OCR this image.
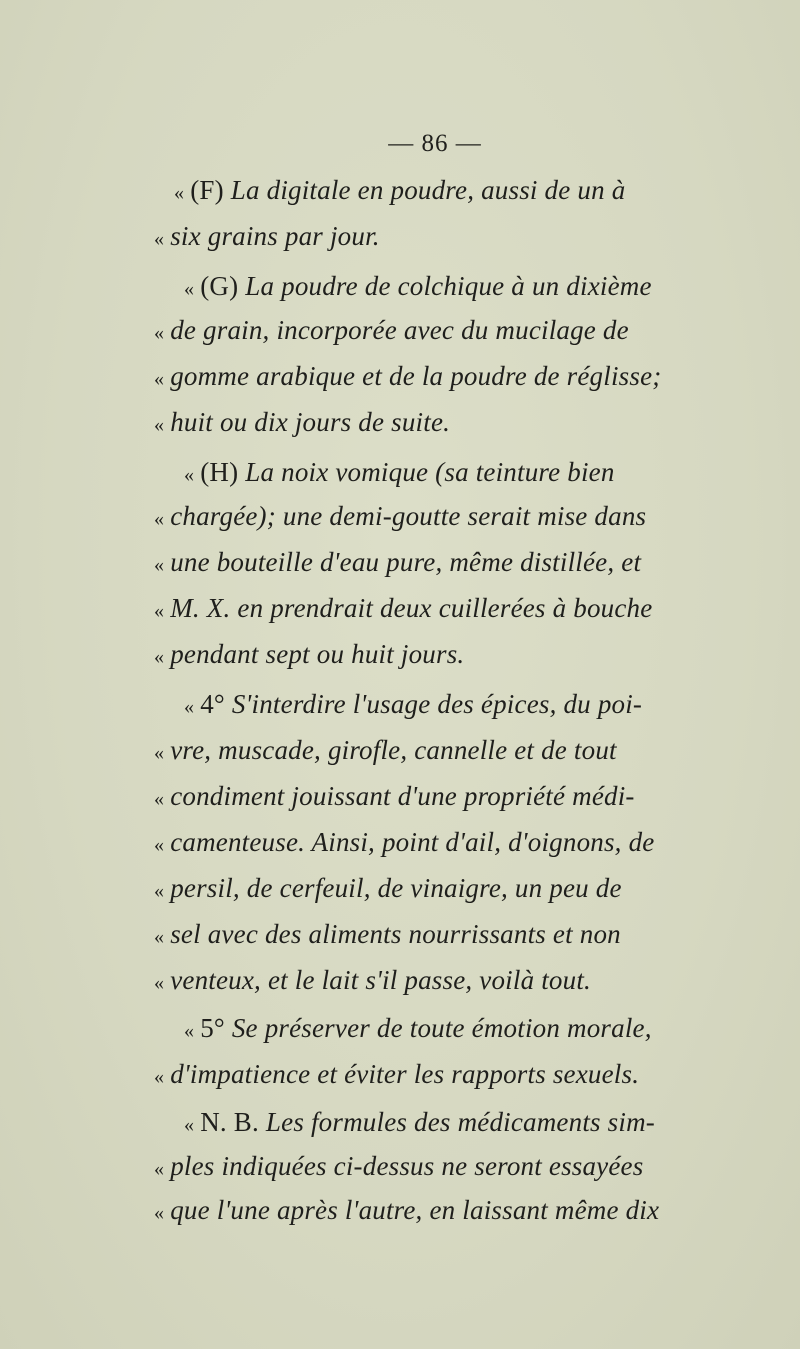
— 86 —
« (F) La digitale en poudre, aussi de un à
« six grains par jour.
« (G) La poudre de colchique à un dixième
« de grain, incorporée avec du mucilage de
« gomme arabique et de la poudre de réglisse;
« huit ou dix jours de suite.
« (H) La noix vomique (sa teinture bien
« chargée); une demi-goutte serait mise dans
« une bouteille d'eau pure, même distillée, et
« M. X. en prendrait deux cuillerées à bouche
« pendant sept ou huit jours.
« 4° S'interdire l'usage des épices, du poi-
« vre, muscade, girofle, cannelle et de tout
« condiment jouissant d'une propriété médi-
« camenteuse. Ainsi, point d'ail, d'oignons, de
« persil, de cerfeuil, de vinaigre, un peu de
« sel avec des aliments nourrissants et non
« venteux, et le lait s'il passe, voilà tout.
« 5° Se préserver de toute émotion morale,
« d'impatience et éviter les rapports sexuels.
« N. B. Les formules des médicaments sim-
« ples indiquées ci-dessus ne seront essayées
« que l'une après l'autre, en laissant même dix
